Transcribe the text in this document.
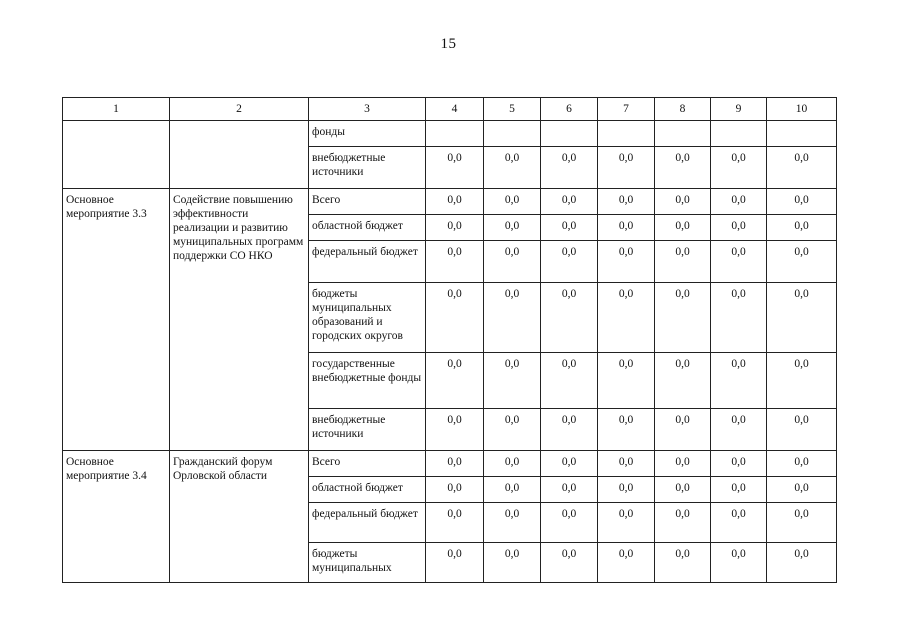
15
1	2	3	4	5	6	7	8	9	10
		фонды							
		внебюджетные источники	0,0	0,0	0,0	0,0	0,0	0,0	0,0
Основное мероприятие 3.3	Содействие повышению эффективности реализации и развитию муниципальных программ поддержки СО НКО	Всего	0,0	0,0	0,0	0,0	0,0	0,0	0,0
		областной бюджет	0,0	0,0	0,0	0,0	0,0	0,0	0,0
		федеральный бюджет	0,0	0,0	0,0	0,0	0,0	0,0	0,0
		бюджеты муниципальных образований и городских округов	0,0	0,0	0,0	0,0	0,0	0,0	0,0
		государственные внебюджетные фонды	0,0	0,0	0,0	0,0	0,0	0,0	0,0
		внебюджетные источники	0,0	0,0	0,0	0,0	0,0	0,0	0,0
Основное мероприятие 3.4	Гражданский форум Орловской области	Всего	0,0	0,0	0,0	0,0	0,0	0,0	0,0
		областной бюджет	0,0	0,0	0,0	0,0	0,0	0,0	0,0
		федеральный бюджет	0,0	0,0	0,0	0,0	0,0	0,0	0,0
		бюджеты муниципальных	0,0	0,0	0,0	0,0	0,0	0,0	0,0
